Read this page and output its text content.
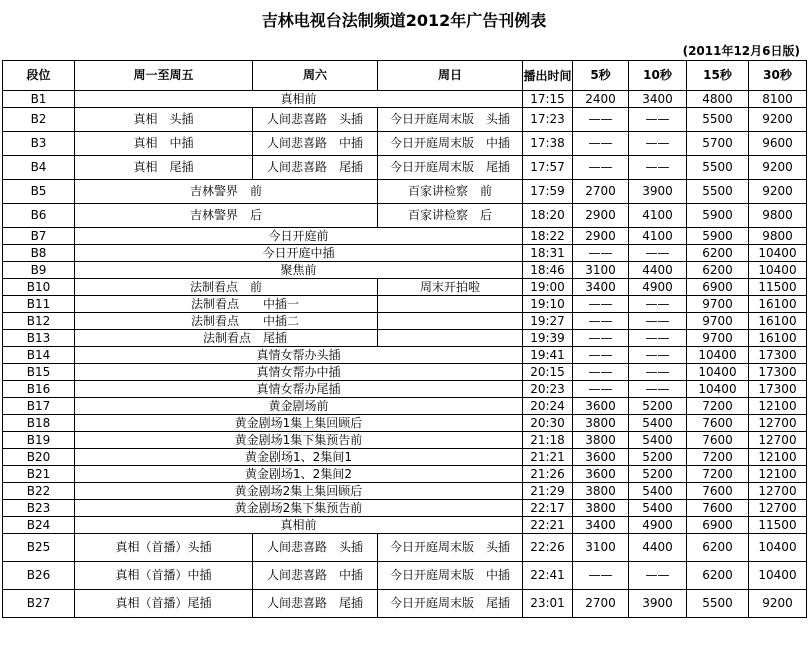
吉林电视台法制频道2012年广告刊例表
(2011年12月6日版)
段位	周一至周五	周六	周日	播出时间	5秒	10秒	15秒	30秒
B1	真相前			17:15	2400	3400	4800	8100
B2	真相　头插	人间悲喜路　头插	今日开庭周末版　头插	17:23	——	——	5500	9200
B3	真相　中插	人间悲喜路　中插	今日开庭周末版　中插	17:38	——	——	5700	9600
B4	真相　尾插	人间悲喜路　尾插	今日开庭周末版　尾插	17:57	——	——	5500	9200
B5	吉林警界　前		百家讲检察　前	17:59	2700	3900	5500	9200
B6	吉林警界　后		百家讲检察　后	18:20	2900	4100	5900	9800
B7	今日开庭前			18:22	2900	4100	5900	9800
B8	今日开庭中插			18:31	——	——	6200	10400
B9	聚焦前			18:46	3100	4400	6200	10400
B10	法制看点　前		周末开拍啦	19:00	3400	4900	6900	11500
B11	法制看点　　中插一			19:10	——	——	9700	16100
B12	法制看点　　中插二			19:27	——	——	9700	16100
B13	法制看点　尾插			19:39	——	——	9700	16100
B14	真情女帮办头插			19:41	——	——	10400	17300
B15	真情女帮办中插			20:15	——	——	10400	17300
B16	真情女帮办尾插			20:23	——	——	10400	17300
B17	黄金剧场前			20:24	3600	5200	7200	12100
B18	黄金剧场1集上集回顾后			20:30	3800	5400	7600	12700
B19	黄金剧场1集下集预告前			21:18	3800	5400	7600	12700
B20	黄金剧场1、2集间1			21:21	3600	5200	7200	12100
B21	黄金剧场1、2集间2			21:26	3600	5200	7200	12100
B22	黄金剧场2集上集回顾后			21:29	3800	5400	7600	12700
B23	黄金剧场2集下集预告前			22:17	3800	5400	7600	12700
B24	真相前			22:21	3400	4900	6900	11500
B25	真相（首播）头插	人间悲喜路　头插	今日开庭周末版　头插	22:26	3100	4400	6200	10400
B26	真相（首播）中插	人间悲喜路　中插	今日开庭周末版　中插	22:41	——	——	6200	10400
B27	真相（首播）尾插	人间悲喜路　尾插	今日开庭周末版　尾插	23:01	2700	3900	5500	9200
